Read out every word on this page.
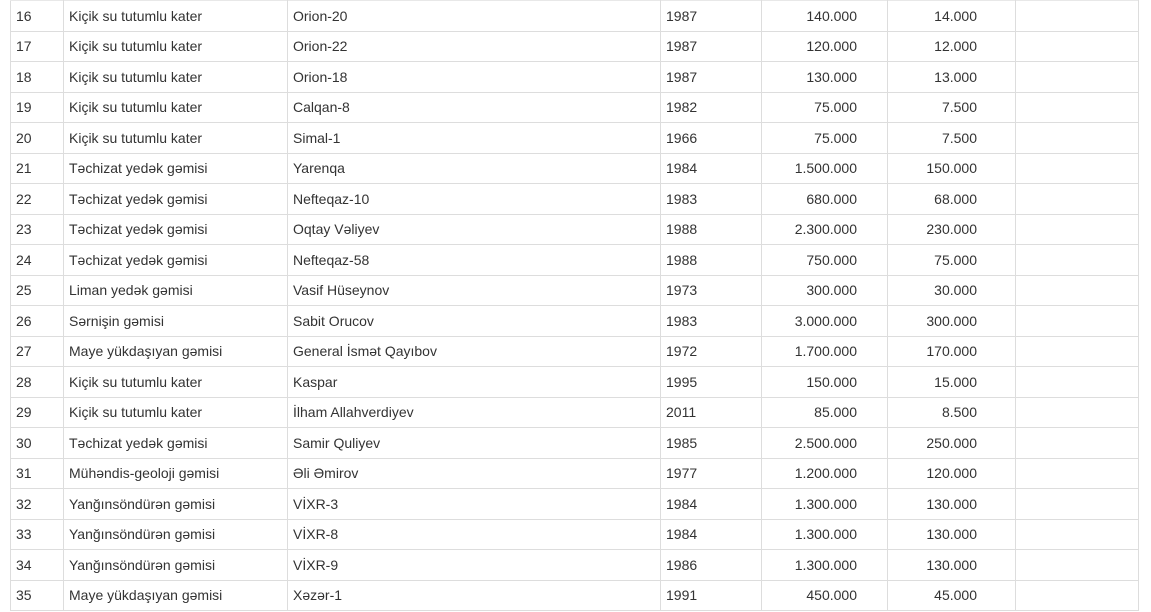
16	Kiçik su tutumlu kater	Orion-20	1987	140.000	14.000	
17	Kiçik su tutumlu kater	Orion-22	1987	120.000	12.000	
18	Kiçik su tutumlu kater	Orion-18	1987	130.000	13.000	
19	Kiçik su tutumlu kater	Calqan-8	1982	75.000	7.500	
20	Kiçik su tutumlu kater	Simal-1	1966	75.000	7.500	
21	Təchizat yedək gəmisi	Yarenqa	1984	1.500.000	150.000	
22	Təchizat yedək gəmisi	Nefteqaz-10	1983	680.000	68.000	
23	Təchizat yedək gəmisi	Oqtay Vəliyev	1988	2.300.000	230.000	
24	Təchizat yedək gəmisi	Nefteqaz-58	1988	750.000	75.000	
25	Liman yedək gəmisi	Vasif Hüseynov	1973	300.000	30.000	
26	Sərnişin gəmisi	Sabit Orucov	1983	3.000.000	300.000	
27	Maye yükdaşıyan gəmisi	General İsmət Qayıbov	1972	1.700.000	170.000	
28	Kiçik su tutumlu kater	Kaspar	1995	150.000	15.000	
29	Kiçik su tutumlu kater	İlham Allahverdiyev	2011	85.000	8.500	
30	Təchizat yedək gəmisi	Samir Quliyev	1985	2.500.000	250.000	
31	Mühəndis-geoloji gəmisi	Əli Əmirov	1977	1.200.000	120.000	
32	Yanğınsöndürən gəmisi	VİXR-3	1984	1.300.000	130.000	
33	Yanğınsöndürən gəmisi	VİXR-8	1984	1.300.000	130.000	
34	Yanğınsöndürən gəmisi	VİXR-9	1986	1.300.000	130.000	
35	Maye yükdaşıyan gəmisi	Xəzər-1	1991	450.000	45.000	
